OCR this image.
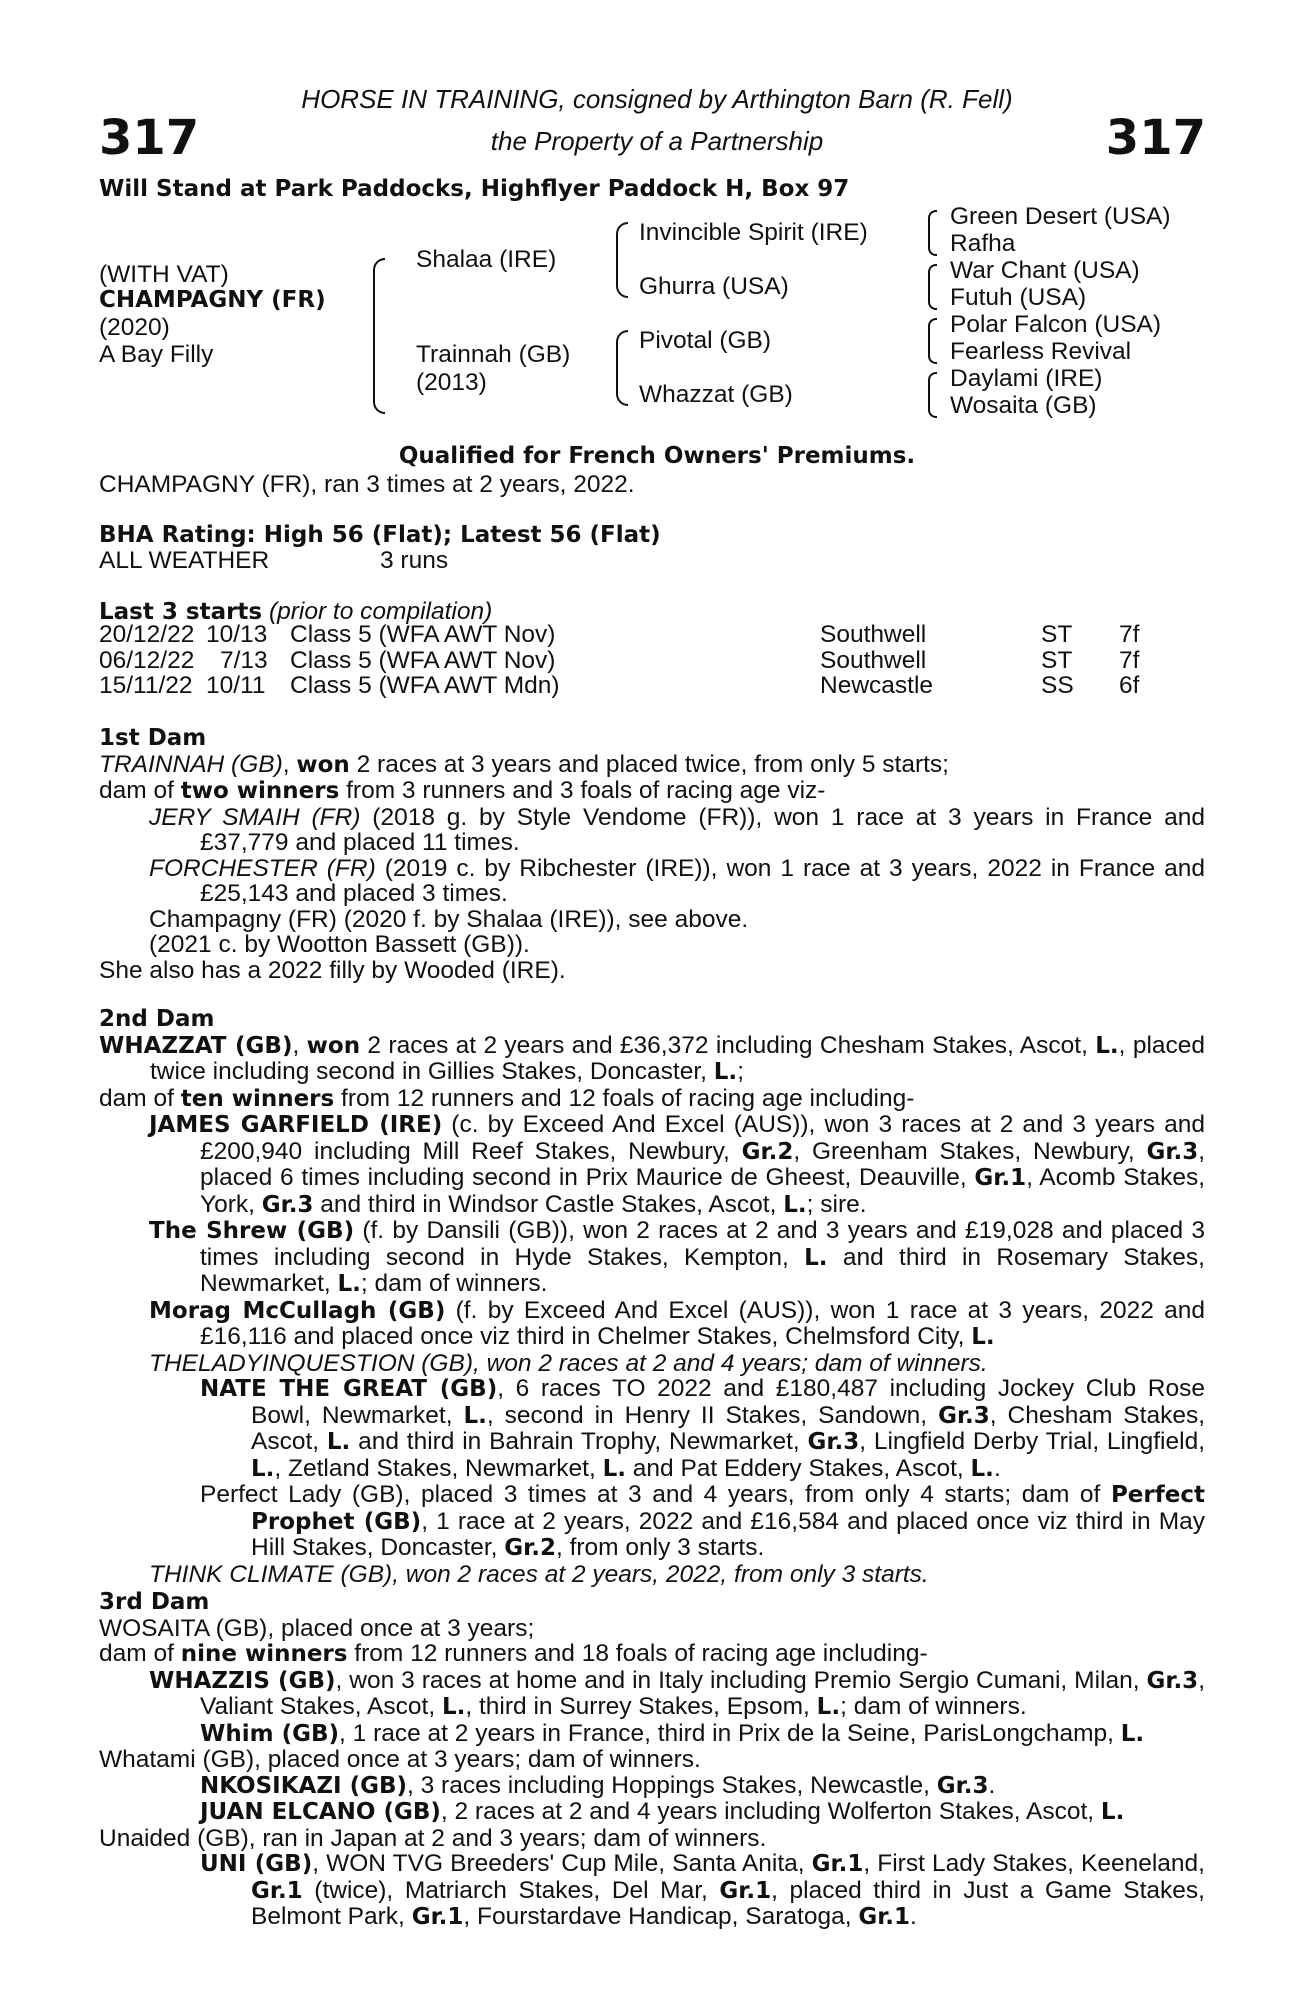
317	317
HORSE IN TRAINING, consigned by Arthington Barn (R. Fell)
the Property of a Partnership
Will Stand at Park Paddocks, Highflyer Paddock H, Box 97
(WITH VAT)
CHAMPAGNY (FR)
(2020)
A Bay Filly
Shalaa (IRE)
Trainnah (GB)
(2013)
Invincible Spirit (IRE)
Ghurra (USA)
Pivotal (GB)
Whazzat (GB)
Green Desert (USA)
Rafha
War Chant (USA)
Futuh (USA)
Polar Falcon (USA)
Fearless Revival
Daylami (IRE)
Wosaita (GB)
Qualified for French Owners' Premiums.
CHAMPAGNY (FR), ran 3 times at 2 years, 2022.
BHA Rating: High 56 (Flat); Latest 56 (Flat)
ALL WEATHER	3 runs
Last 3 starts (prior to compilation)
20/12/22 10/13 Class 5 (WFA AWT Nov)	Southwell	ST 7f
06/12/22 7/13 Class 5 (WFA AWT Nov)	Southwell	ST 7f
15/11/22 10/11 Class 5 (WFA AWT Mdn)	Newcastle	SS 6f

1st Dam

TRAINNAH (GB), won 2 races at 3 years and placed twice, from only 5 starts;

dam of two winners from 3 runners and 3 foals of racing age viz-

JERY SMAIH (FR) (2018 g. by Style Vendome (FR)), won 1 race at 3 years in France and £37,779 and placed 11 times.

FORCHESTER (FR) (2019 c. by Ribchester (IRE)), won 1 race at 3 years, 2022 in France and £25,143 and placed 3 times.

Champagny (FR) (2020 f. by Shalaa (IRE)), see above.

(2021 c. by Wootton Bassett (GB)).

She also has a 2022 filly by Wooded (IRE).

2nd Dam

WHAZZAT (GB), won 2 races at 2 years and £36,372 including Chesham Stakes, Ascot, L., placed twice including second in Gillies Stakes, Doncaster, L.;

dam of ten winners from 12 runners and 12 foals of racing age including-

JAMES GARFIELD (IRE) (c. by Exceed And Excel (AUS)), won 3 races at 2 and 3 years and £200,940 including Mill Reef Stakes, Newbury, Gr.2, Greenham Stakes, Newbury, Gr.3, placed 6 times including second in Prix Maurice de Gheest, Deauville, Gr.1, Acomb Stakes, York, Gr.3 and third in Windsor Castle Stakes, Ascot, L.; sire.

The Shrew (GB) (f. by Dansili (GB)), won 2 races at 2 and 3 years and £19,028 and placed 3 times including second in Hyde Stakes, Kempton, L. and third in Rosemary Stakes, Newmarket, L.; dam of winners.

Morag McCullagh (GB) (f. by Exceed And Excel (AUS)), won 1 race at 3 years, 2022 and £16,116 and placed once viz third in Chelmer Stakes, Chelmsford City, L.

THELADYINQUESTION (GB), won 2 races at 2 and 4 years; dam of winners.

NATE THE GREAT (GB), 6 races TO 2022 and £180,487 including Jockey Club Rose Bowl, Newmarket, L., second in Henry II Stakes, Sandown, Gr.3, Chesham Stakes, Ascot, L. and third in Bahrain Trophy, Newmarket, Gr.3, Lingfield Derby Trial, Lingfield, L., Zetland Stakes, Newmarket, L. and Pat Eddery Stakes, Ascot, L..

Perfect Lady (GB), placed 3 times at 3 and 4 years, from only 4 starts; dam of Perfect Prophet (GB), 1 race at 2 years, 2022 and £16,584 and placed once viz third in May Hill Stakes, Doncaster, Gr.2, from only 3 starts.

THINK CLIMATE (GB), won 2 races at 2 years, 2022, from only 3 starts.

3rd Dam

WOSAITA (GB), placed once at 3 years;

dam of nine winners from 12 runners and 18 foals of racing age including-

WHAZZIS (GB), won 3 races at home and in Italy including Premio Sergio Cumani, Milan, Gr.3, Valiant Stakes, Ascot, L., third in Surrey Stakes, Epsom, L.; dam of winners.

Whim (GB), 1 race at 2 years in France, third in Prix de la Seine, ParisLongchamp, L.

Whatami (GB), placed once at 3 years; dam of winners.

NKOSIKAZI (GB), 3 races including Hoppings Stakes, Newcastle, Gr.3.

JUAN ELCANO (GB), 2 races at 2 and 4 years including Wolferton Stakes, Ascot, L.

Unaided (GB), ran in Japan at 2 and 3 years; dam of winners.

UNI (GB), WON TVG Breeders' Cup Mile, Santa Anita, Gr.1, First Lady Stakes, Keeneland, Gr.1 (twice), Matriarch Stakes, Del Mar, Gr.1, placed third in Just a Game Stakes, Belmont Park, Gr.1, Fourstardave Handicap, Saratoga, Gr.1.
